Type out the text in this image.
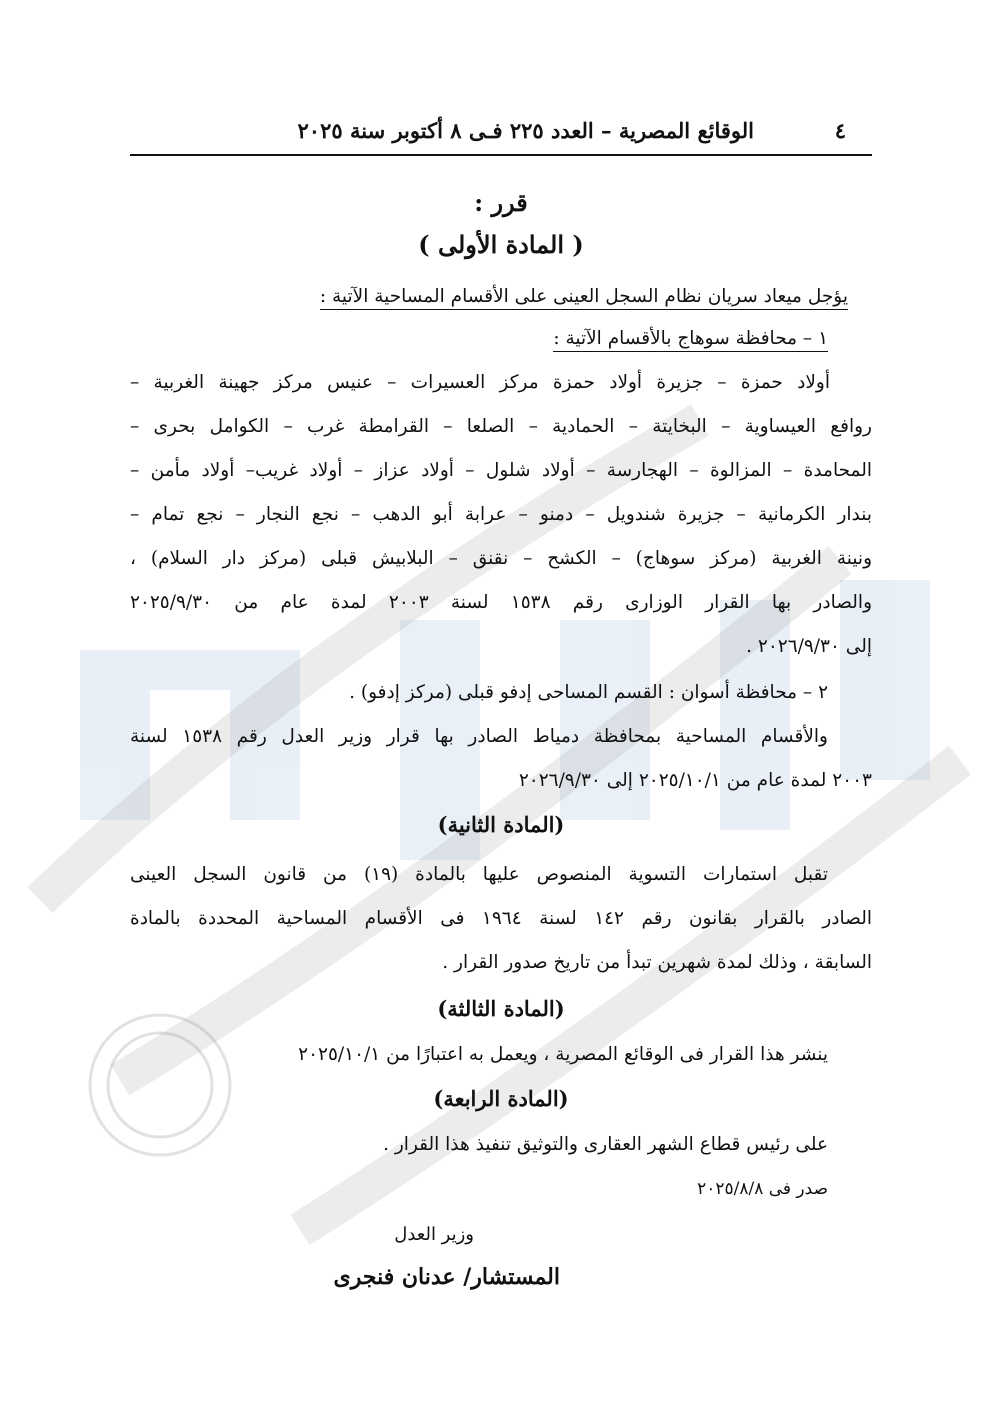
٤
الوقائع المصرية – العدد ٢٢٥ فـى ٨ أكتوبر سنة ٢٠٢٥
قرر :
( المادة الأولى )
يؤجل ميعاد سريان نظام السجل العينى على الأقسام المساحية الآتية :
١ – محافظة سوهاج بالأقسام الآتية :
أولاد حمزة – جزيرة أولاد حمزة مركز العسيرات – عنيس مركز جهينة الغربية –
روافع العيساوية – البخايتة – الحمادية – الصلعا – القرامطة غرب – الكوامل بحرى –
المحامدة – المزالوة – الهجارسة – أولاد شلول – أولاد عزاز – أولاد غريب– أولاد مأمن –
بندار الكرمانية – جزيرة شندويل – دمنو – عرابة أبو الدهب – نجع النجار – نجع تمام –
ونينة الغربية (مركز سوهاج) – الكشح – نقنق – البلابيش قبلى (مركز دار السلام) ،
والصادر بها القرار الوزارى رقم ١٥٣٨ لسنة ٢٠٠٣ لمدة عام من ٢٠٢٥/٩/٣٠
إلى ٢٠٢٦/٩/٣٠ .
٢ – محافظة أسوان : القسم المساحى إدفو قبلى (مركز إدفو) .
والأقسام المساحية بمحافظة دمياط الصادر بها قرار وزير العدل رقم ١٥٣٨ لسنة
٢٠٠٣ لمدة عام من ٢٠٢٥/١٠/١ إلى ٢٠٢٦/٩/٣٠
(المادة الثانية)
تقبل استمارات التسوية المنصوص عليها بالمادة (١٩) من قانون السجل العينى
الصادر بالقرار بقانون رقم ١٤٢ لسنة ١٩٦٤ فى الأقسام المساحية المحددة بالمادة
السابقة ، وذلك لمدة شهرين تبدأ من تاريخ صدور القرار .
(المادة الثالثة)
ينشر هذا القرار فى الوقائع المصرية ، ويعمل به اعتبارًا من ٢٠٢٥/١٠/١
(المادة الرابعة)
على رئيس قطاع الشهر العقارى والتوثيق تنفيذ هذا القرار .
صدر فى ٢٠٢٥/٨/٨
وزير العدل
المستشار/ عدنان فنجرى
